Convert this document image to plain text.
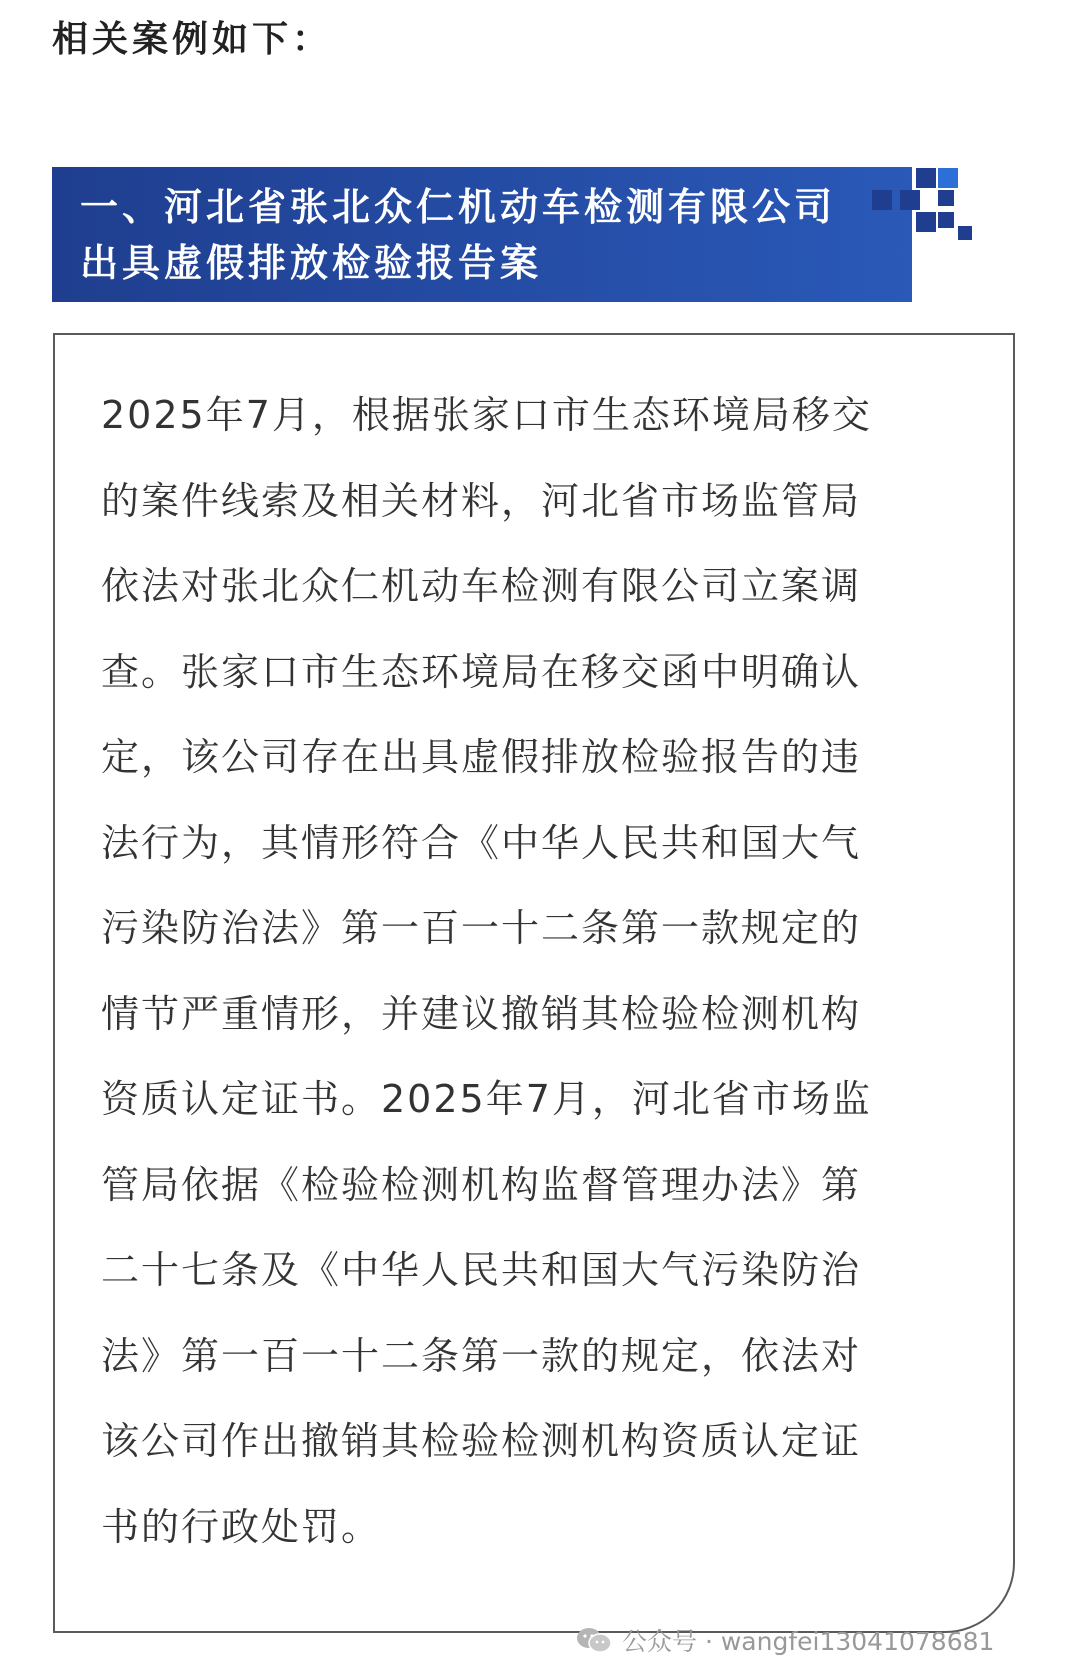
相关案例如下：
一、河北省张北众仁机动车检测有限公司
出具虚假排放检验报告案
2025年7月，根据张家口市生态环境局移交
的案件线索及相关材料，河北省市场监管局
依法对张北众仁机动车检测有限公司立案调
查。张家口市生态环境局在移交函中明确认
定，该公司存在出具虚假排放检验报告的违
法行为，其情形符合《中华人民共和国大气
污染防治法》第一百一十二条第一款规定的
情节严重情形，并建议撤销其检验检测机构
资质认定证书。2025年7月，河北省市场监
管局依据《检验检测机构监督管理办法》第
二十七条及《中华人民共和国大气污染防治
法》第一百一十二条第一款的规定，依法对
该公司作出撤销其检验检测机构资质认定证
书的行政处罚。
公众号 · wangfei13041078681
